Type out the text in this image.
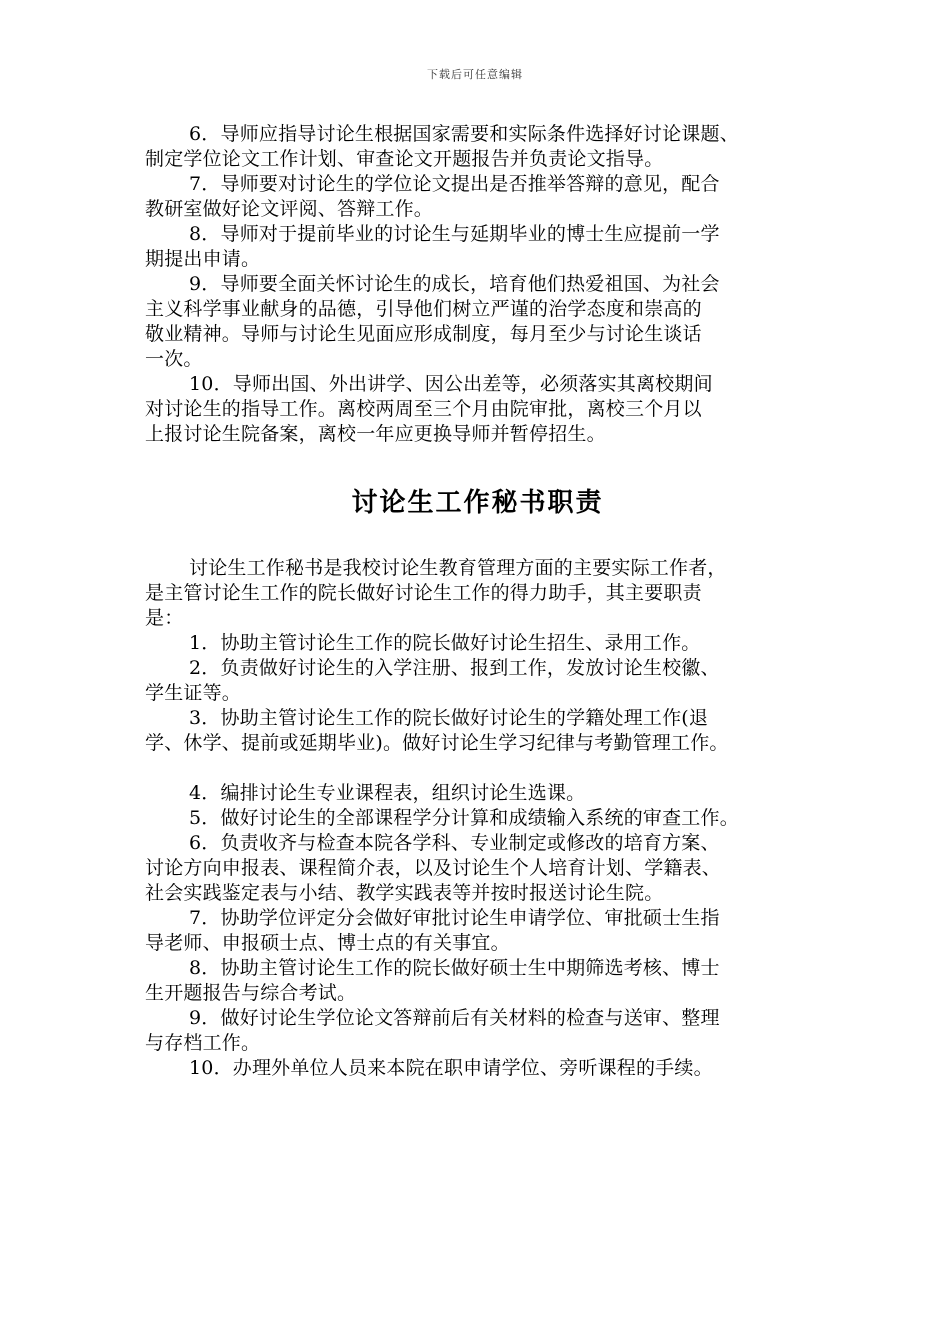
下载后可任意编辑
6．导师应指导讨论生根据国家需要和实际条件选择好讨论课题、
制定学位论文工作计划、审查论文开题报告并负责论文指导。
7．导师要对讨论生的学位论文提出是否推举答辩的意见，配合
教研室做好论文评阅、答辩工作。
8．导师对于提前毕业的讨论生与延期毕业的博士生应提前一学
期提出申请。
9．导师要全面关怀讨论生的成长，培育他们热爱祖国、为社会
主义科学事业献身的品德，引导他们树立严谨的治学态度和崇高的
敬业精神。导师与讨论生见面应形成制度，每月至少与讨论生谈话
一次。
10．导师出国、外出讲学、因公出差等，必须落实其离校期间
对讨论生的指导工作。离校两周至三个月由院审批，离校三个月以
上报讨论生院备案，离校一年应更换导师并暂停招生。
讨论生工作秘书职责
讨论生工作秘书是我校讨论生教育管理方面的主要实际工作者，
是主管讨论生工作的院长做好讨论生工作的得力助手，其主要职责
是：
1．协助主管讨论生工作的院长做好讨论生招生、录用工作。
2．负责做好讨论生的入学注册、报到工作，发放讨论生校徽、
学生证等。
3．协助主管讨论生工作的院长做好讨论生的学籍处理工作(退
学、休学、提前或延期毕业)。做好讨论生学习纪律与考勤管理工作。
4．编排讨论生专业课程表，组织讨论生选课。
5．做好讨论生的全部课程学分计算和成绩输入系统的审查工作。
6．负责收齐与检查本院各学科、专业制定或修改的培育方案、
讨论方向申报表、课程简介表，以及讨论生个人培育计划、学籍表、
社会实践鉴定表与小结、教学实践表等并按时报送讨论生院。
7．协助学位评定分会做好审批讨论生申请学位、审批硕士生指
导老师、申报硕士点、博士点的有关事宜。
8．协助主管讨论生工作的院长做好硕士生中期筛选考核、博士
生开题报告与综合考试。
9．做好讨论生学位论文答辩前后有关材料的检查与送审、整理
与存档工作。
10．办理外单位人员来本院在职申请学位、旁听课程的手续。
